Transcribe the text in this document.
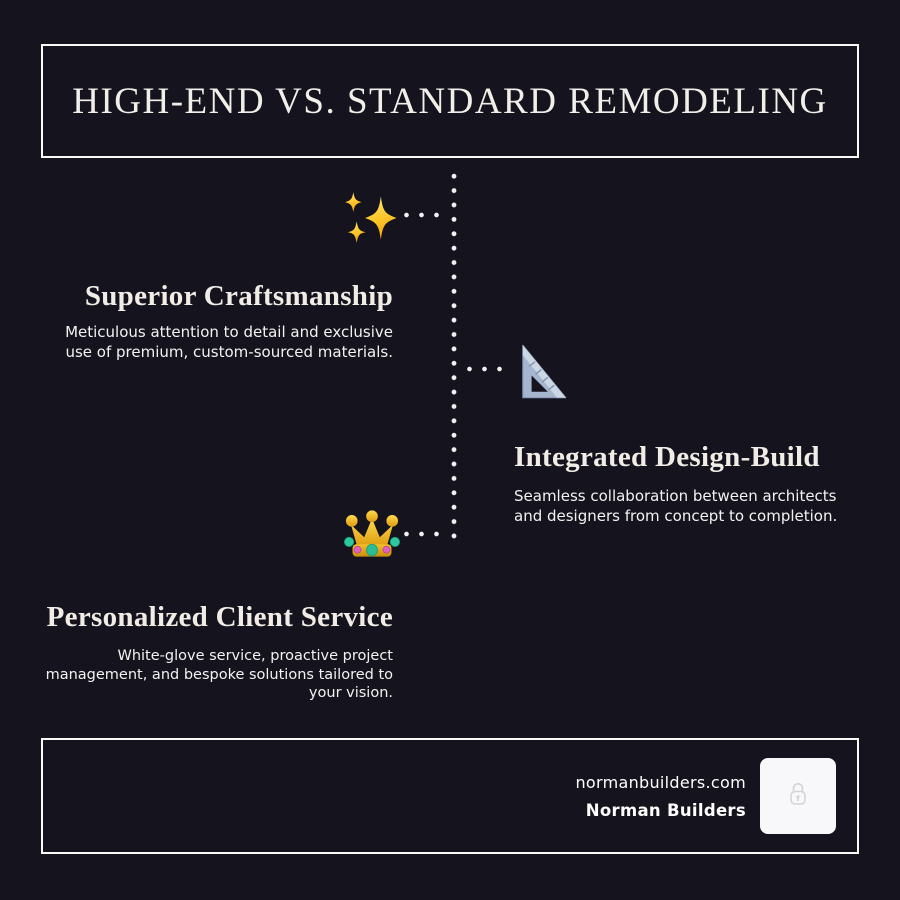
HIGH-END VS. STANDARD REMODELING
Superior Craftsmanship

Meticulous attention to detail and exclusive use of premium, custom-sourced materials.

Integrated Design-Build

Seamless collaboration between architects and designers from concept to completion.

Personalized Client Service

White-glove service, proactive project management, and bespoke solutions tailored to your vision.

normanbuilders.com
Norman Builders
